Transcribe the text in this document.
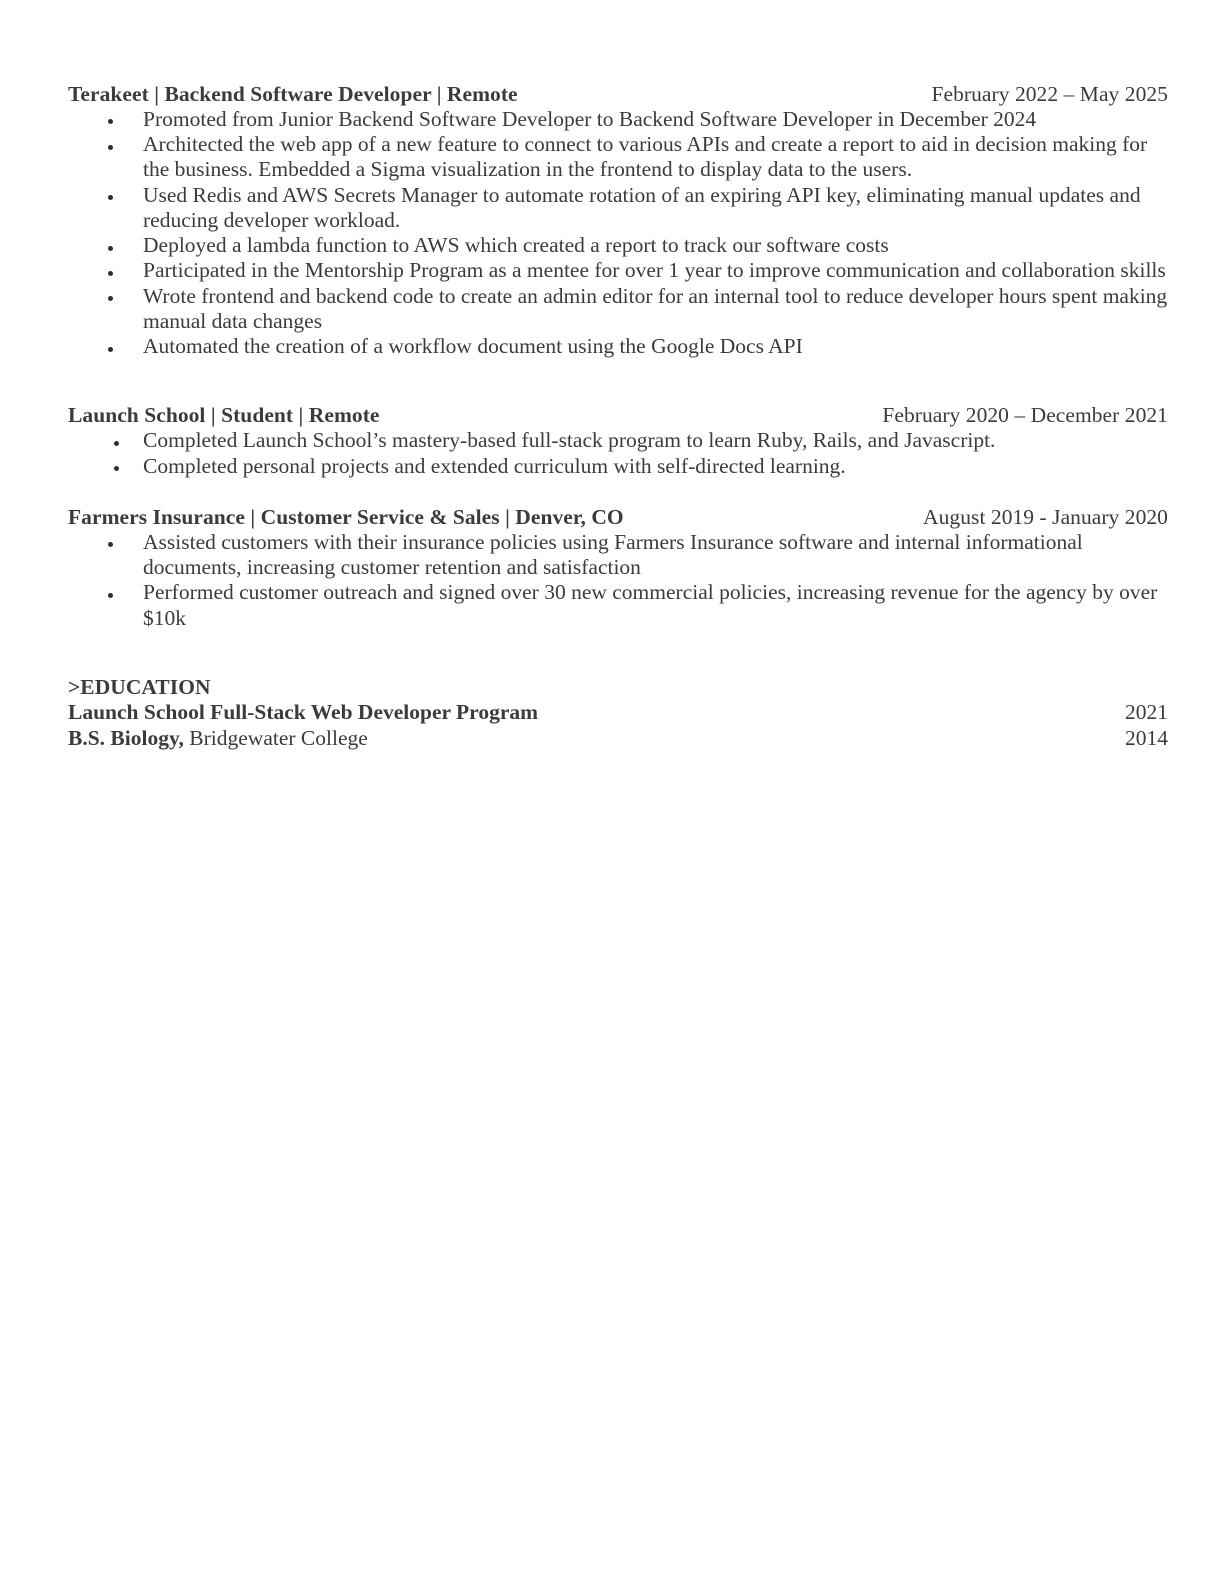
Terakeet | Backend Software Developer | Remote	February 2022 – May 2025
Promoted from Junior Backend Software Developer to Backend Software Developer in December 2024
Architected the web app of a new feature to connect to various APIs and create a report to aid in decision making for the business. Embedded a Sigma visualization in the frontend to display data to the users.
Used Redis and AWS Secrets Manager to automate rotation of an expiring API key, eliminating manual updates and reducing developer workload.
Deployed a lambda function to AWS which created a report to track our software costs
Participated in the Mentorship Program as a mentee for over 1 year to improve communication and collaboration skills
Wrote frontend and backend code to create an admin editor for an internal tool to reduce developer hours spent making manual data changes
Automated the creation of a workflow document using the Google Docs API
Launch School | Student | Remote	February 2020 – December 2021
Completed Launch School’s mastery-based full-stack program to learn Ruby, Rails, and Javascript.
Completed personal projects and extended curriculum with self-directed learning.
Farmers Insurance | Customer Service & Sales | Denver, CO	August 2019 - January 2020
Assisted customers with their insurance policies using Farmers Insurance software and internal informational documents, increasing customer retention and satisfaction
Performed customer outreach and signed over 30 new commercial policies, increasing revenue for the agency by over $10k
>EDUCATION
Launch School Full-Stack Web Developer Program	2021
B.S. Biology, Bridgewater College	2014
